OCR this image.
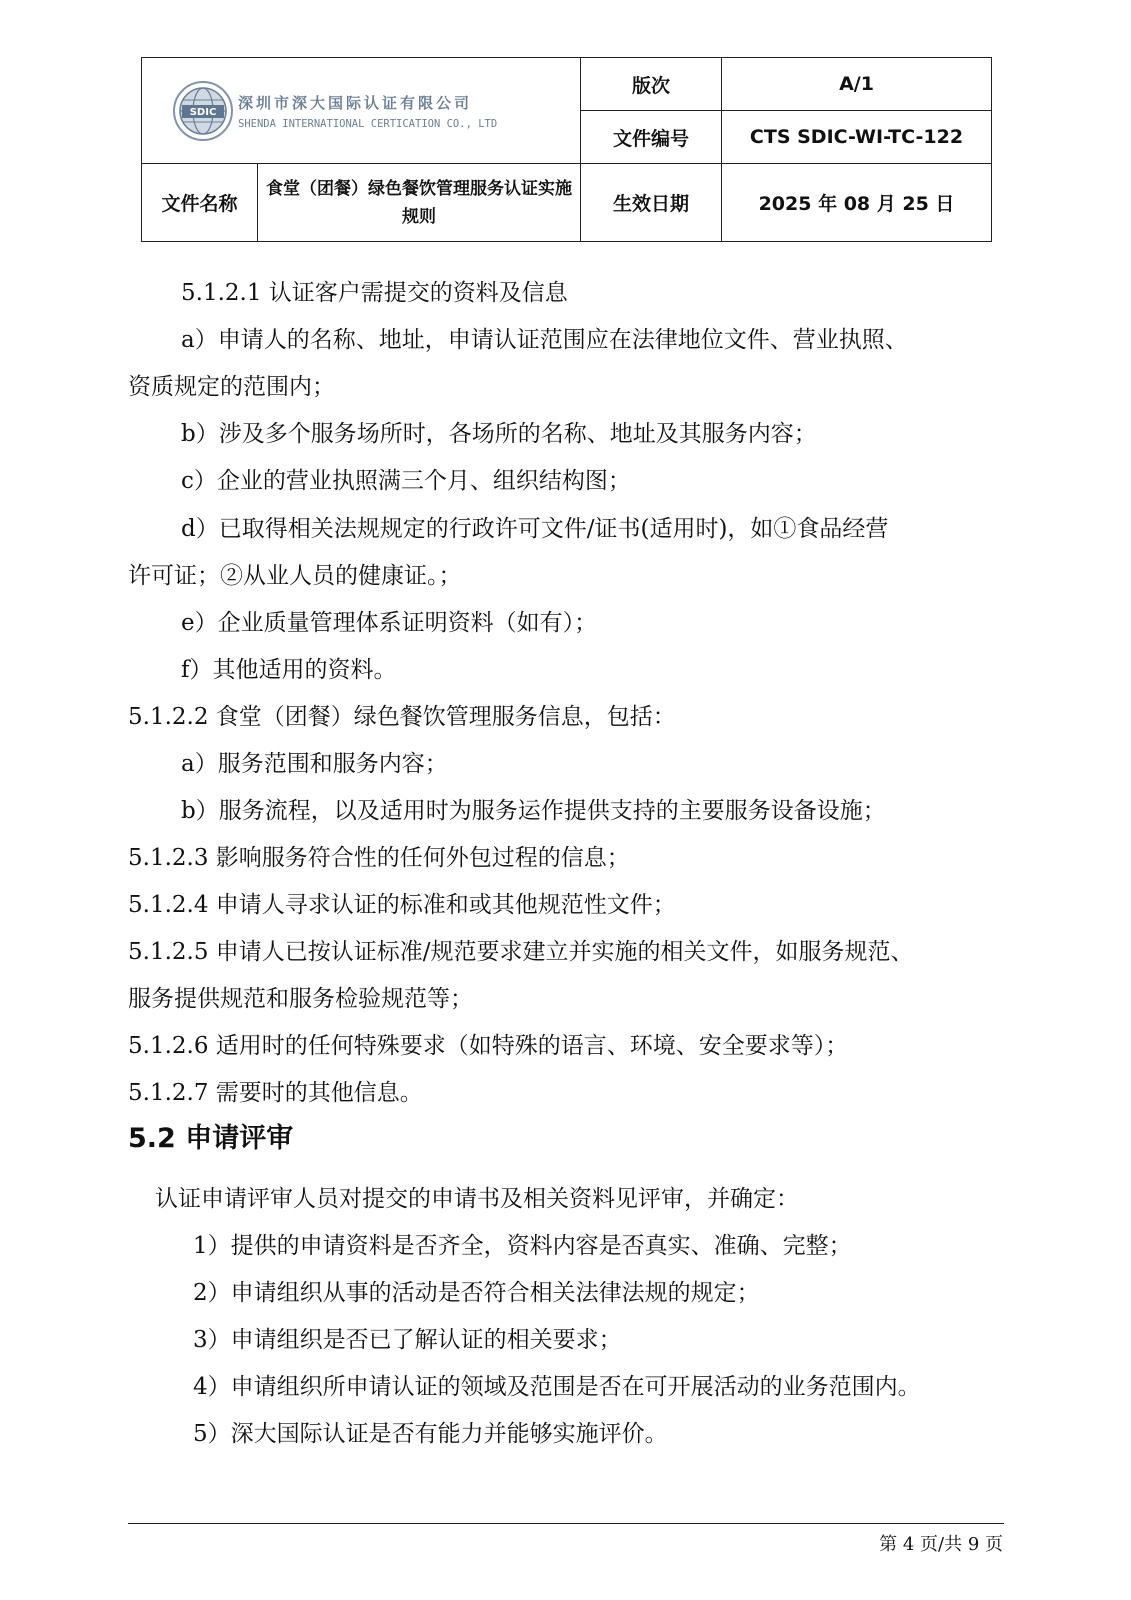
SDIC
深圳市深大国际认证有限公司
SHENDA INTERNATIONAL CERTICATION CO., LTD		版次	A/1
		文件编号	CTS SDIC-WI-TC-122
文件名称	食堂（团餐）绿色餐饮管理服务认证实施规则	生效日期	2025 年 08 月 25 日
5.1.2.1 认证客户需提交的资料及信息
a）申请人的名称、地址，申请认证范围应在法律地位文件、营业执照、
资质规定的范围内；
b）涉及多个服务场所时，各场所的名称、地址及其服务内容；
c）企业的营业执照满三个月、组织结构图；
d）已取得相关法规规定的行政许可文件/证书(适用时)，如①食品经营
许可证；②从业人员的健康证。；
e）企业质量管理体系证明资料（如有）；
f）其他适用的资料。
5.1.2.2 食堂（团餐）绿色餐饮管理服务信息，包括：
a）服务范围和服务内容；
b）服务流程，以及适用时为服务运作提供支持的主要服务设备设施；
5.1.2.3 影响服务符合性的任何外包过程的信息；
5.1.2.4 申请人寻求认证的标准和或其他规范性文件；
5.1.2.5 申请人已按认证标准/规范要求建立并实施的相关文件，如服务规范、
服务提供规范和服务检验规范等；
5.1.2.6 适用时的任何特殊要求（如特殊的语言、环境、安全要求等）；
5.1.2.7 需要时的其他信息。
5.2 申请评审
认证申请评审人员对提交的申请书及相关资料见评审，并确定：
1）提供的申请资料是否齐全，资料内容是否真实、准确、完整；
2）申请组织从事的活动是否符合相关法律法规的规定；
3）申请组织是否已了解认证的相关要求；
4）申请组织所申请认证的领域及范围是否在可开展活动的业务范围内。
5）深大国际认证是否有能力并能够实施评价。
第 4 页/共 9 页
